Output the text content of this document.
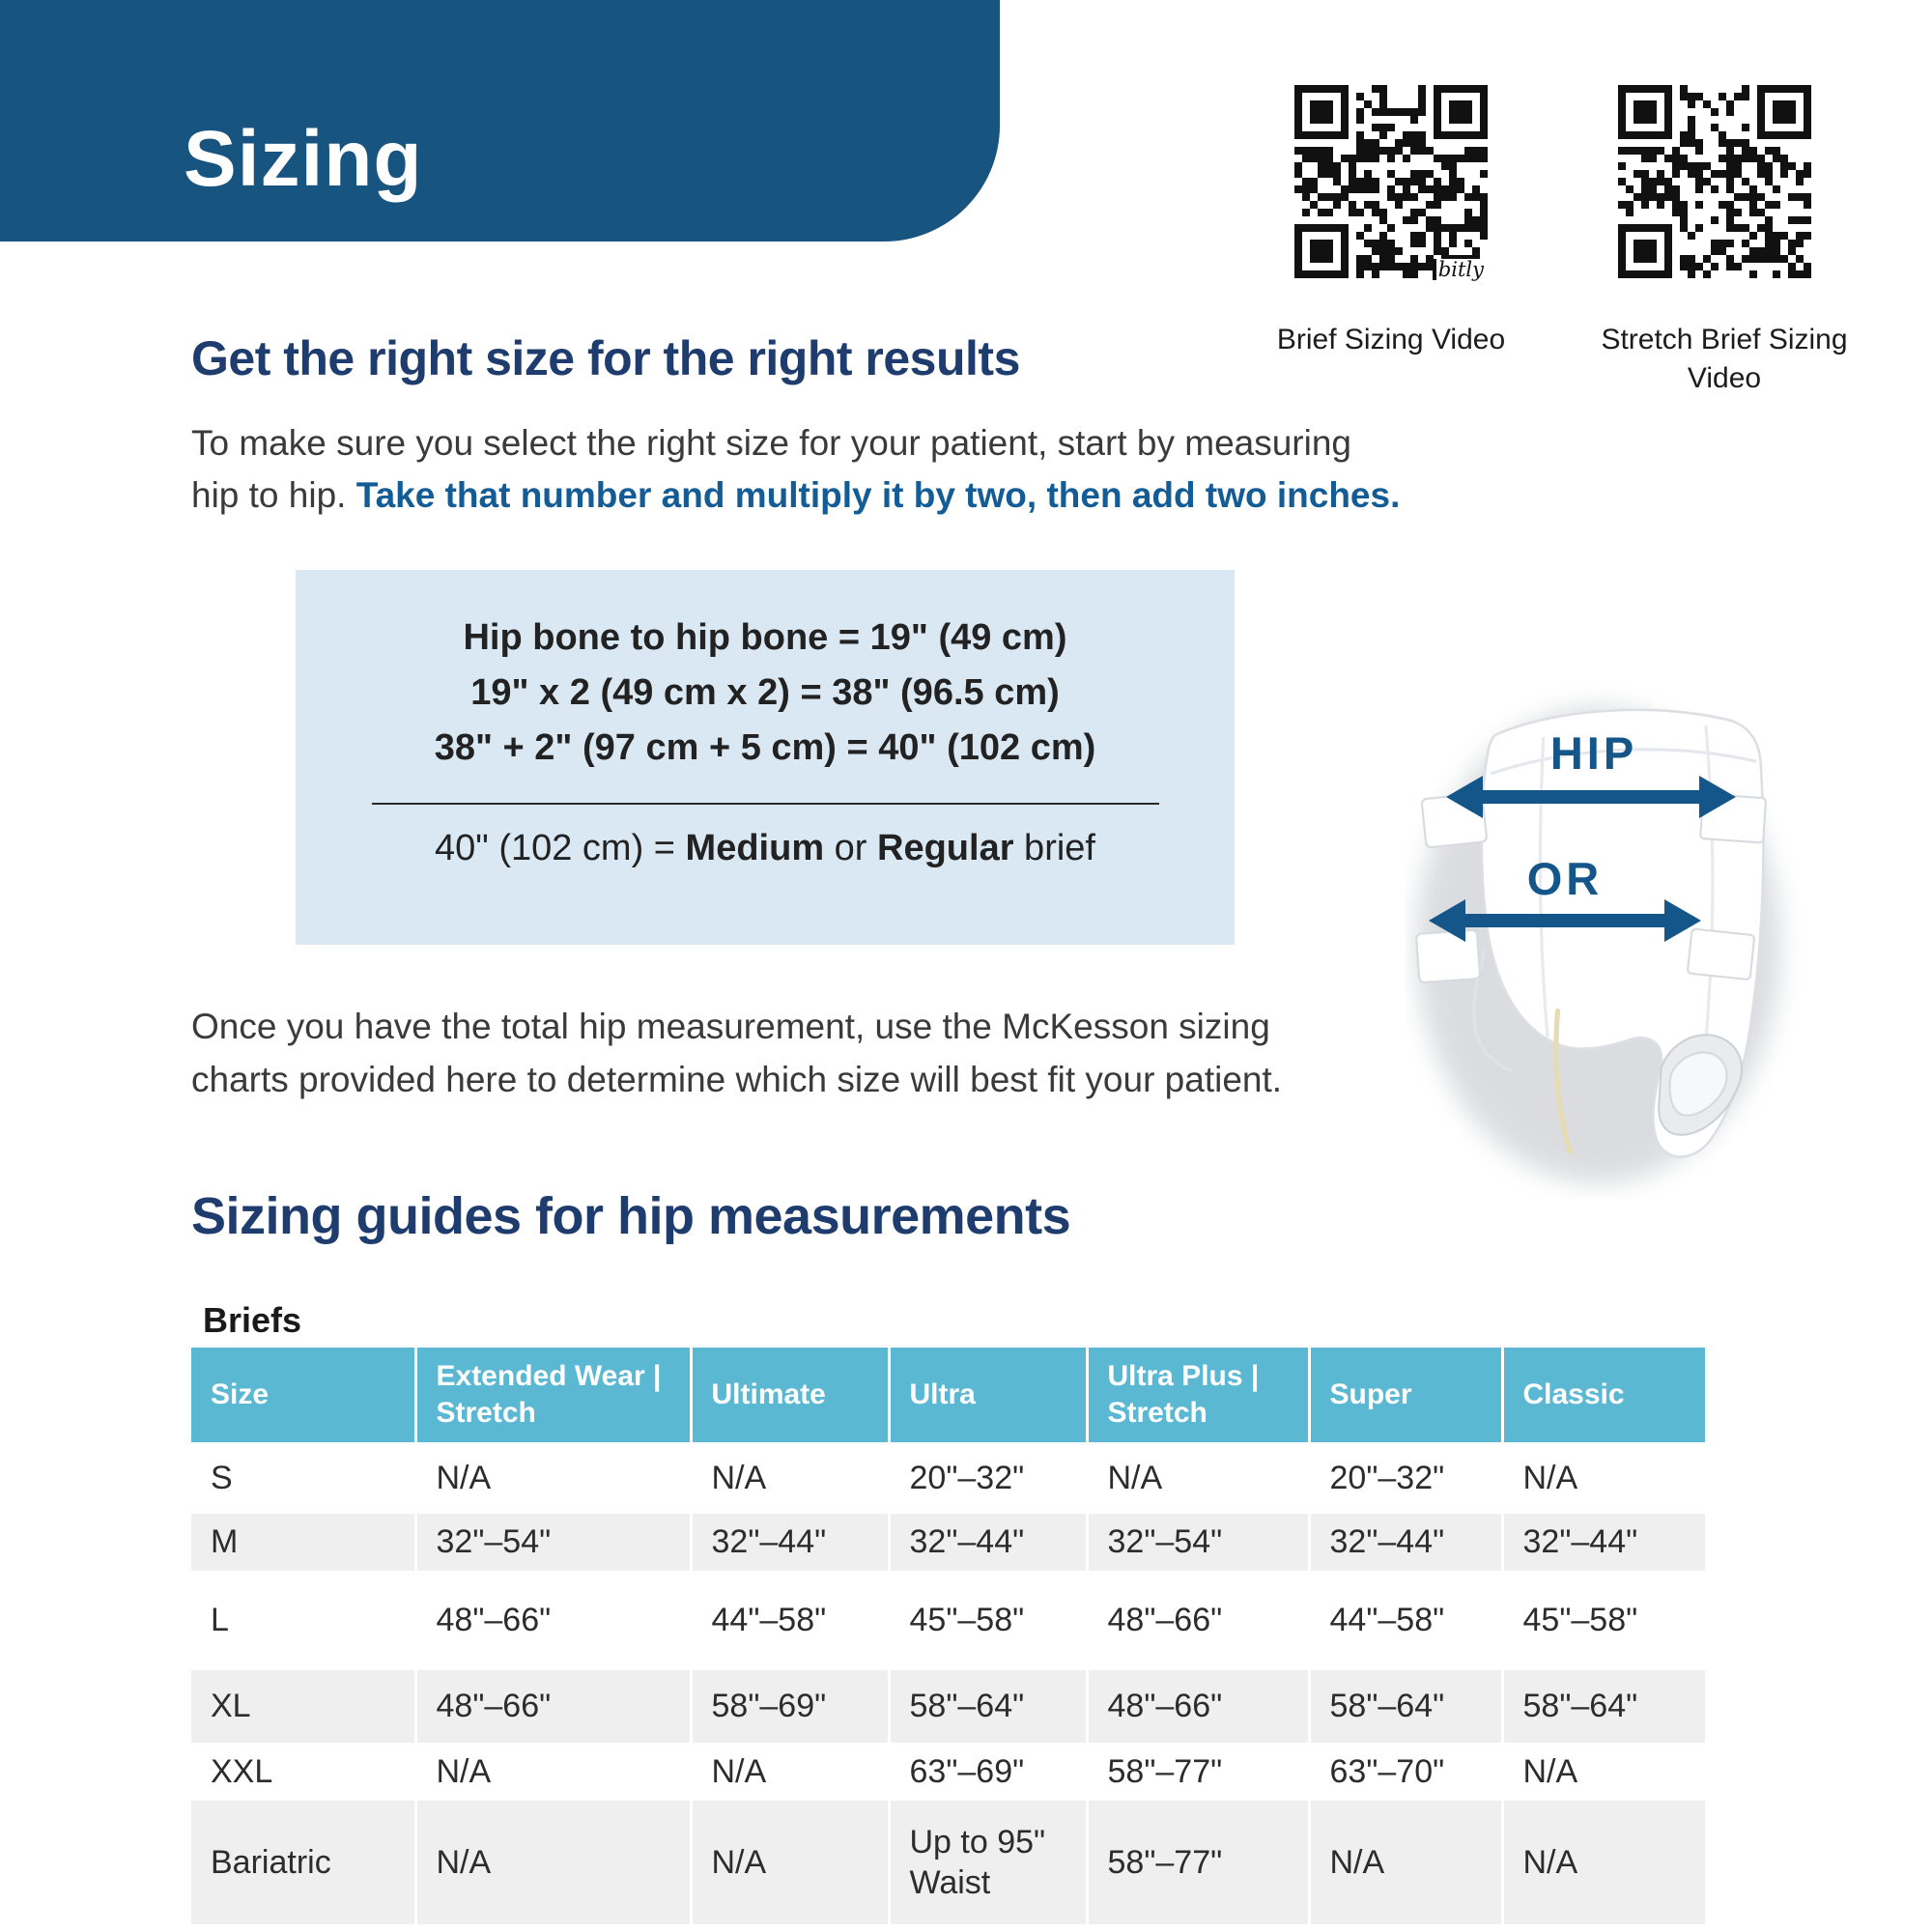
Sizing
bitly
Brief Sizing Video	Stretch Brief Sizing Video
Get the right size for the right results
To make sure you select the right size for your patient, start by measuring
hip to hip. Take that number and multiply it by two, then add two inches.
Hip bone to hip bone = 19" (49 cm)
19" x 2 (49 cm x 2) = 38" (96.5 cm)
38" + 2" (97 cm + 5 cm) = 40" (102 cm)
40" (102 cm) = Medium or Regular brief
HIP
OR
Once you have the total hip measurement, use the McKesson sizing
charts provided here to determine which size will best fit your patient.
Sizing guides for hip measurements
Briefs
Size	Extended Wear | Stretch	Ultimate	Ultra	Ultra Plus | Stretch	Super	Classic
S	N/A	N/A	20"–32"	N/A	20"–32"	N/A
M	32"–54"	32"–44"	32"–44"	32"–54"	32"–44"	32"–44"
L	48"–66"	44"–58"	45"–58"	48"–66"	44"–58"	45"–58"
XL	48"–66"	58"–69"	58"–64"	48"–66"	58"–64"	58"–64"
XXL	N/A	N/A	63"–69"	58"–77"	63"–70"	N/A
Bariatric	N/A	N/A	Up to 95" Waist	58"–77"	N/A	N/A
